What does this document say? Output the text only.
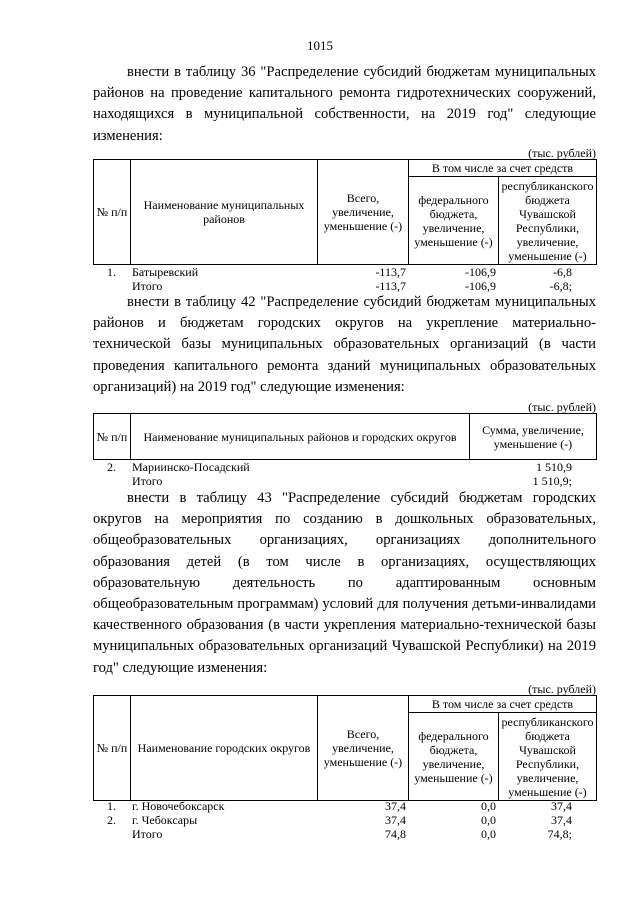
1015

внести в таблицу 36 "Распределение субсидий бюджетам муниципальных районов на проведение капитального ремонта гидротехнических сооружений, находящихся в муниципальной собственности, на 2019 год" следующие изменения:

(тыс. рублей)
№ п/п	Наименование муниципальных районов	Всего, увеличение, уменьшение (-)	В том числе за счет средств	
			федерального бюджета, увеличение, уменьшение (-)	республиканского бюджета Чувашской Республики, увеличение, уменьшение (-)
1.	Батыревский	-113,7	-106,9	-6,8
	Итого	-113,7	-106,9	-6,8;

внести в таблицу 42 "Распределение субсидий бюджетам муниципальных районов и бюджетам городских округов на укрепление материально-технической базы муниципальных образовательных организаций (в части проведения капитального ремонта зданий муниципальных образовательных организаций) на 2019 год" следующие изменения:

(тыс. рублей)
№ п/п	Наименование муниципальных районов и городских округов	Сумма, увеличение, уменьшение (-)
2.	Мариинско-Посадский	1 510,9
	Итого	1 510,9;

внести в таблицу 43 "Распределение субсидий бюджетам городских округов на мероприятия по созданию в дошкольных образовательных, общеобразовательных организациях, организациях дополнительного образования детей (в том числе в организациях, осуществляющих образовательную деятельность по адаптированным основным общеобразовательным программам) условий для получения детьми-инвалидами качественного образования (в части укрепления материально-технической базы муниципальных образовательных организаций Чувашской Республики) на 2019 год" следующие изменения:

(тыс. рублей)
№ п/п	Наименование городских округов	Всего, увеличение, уменьшение (-)	В том числе за счет средств	
			федерального бюджета, увеличение, уменьшение (-)	республиканского бюджета Чувашской Республики, увеличение, уменьшение (-)
1.	г. Новочебоксарск	37,4	0,0	37,4
2.	г. Чебоксары	37,4	0,0	37,4
	Итого	74,8	0,0	74,8;
